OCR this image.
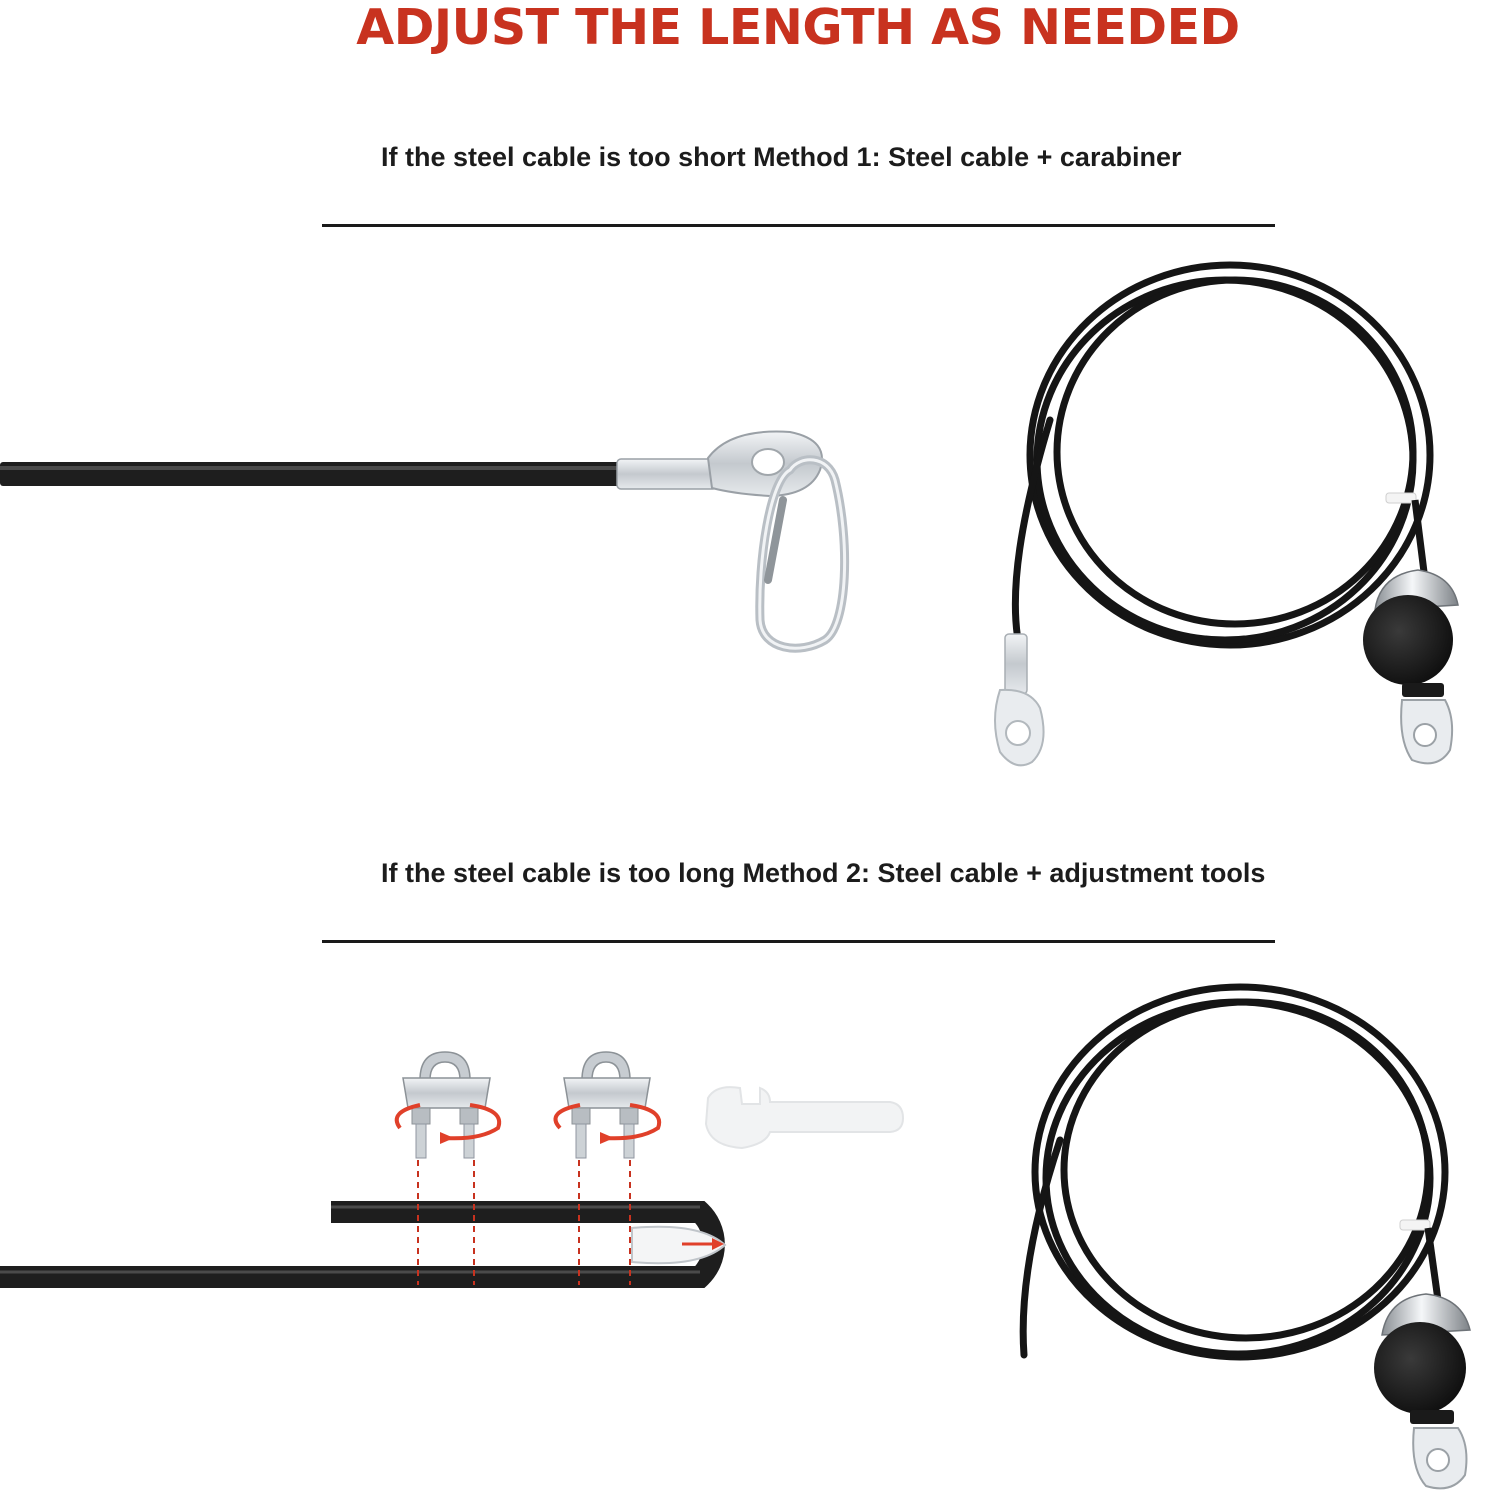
ADJUST THE LENGTH AS NEEDED
If the steel cable is too short Method 1: Steel cable + carabiner
If the steel cable is too long Method 2: Steel cable + adjustment tools
